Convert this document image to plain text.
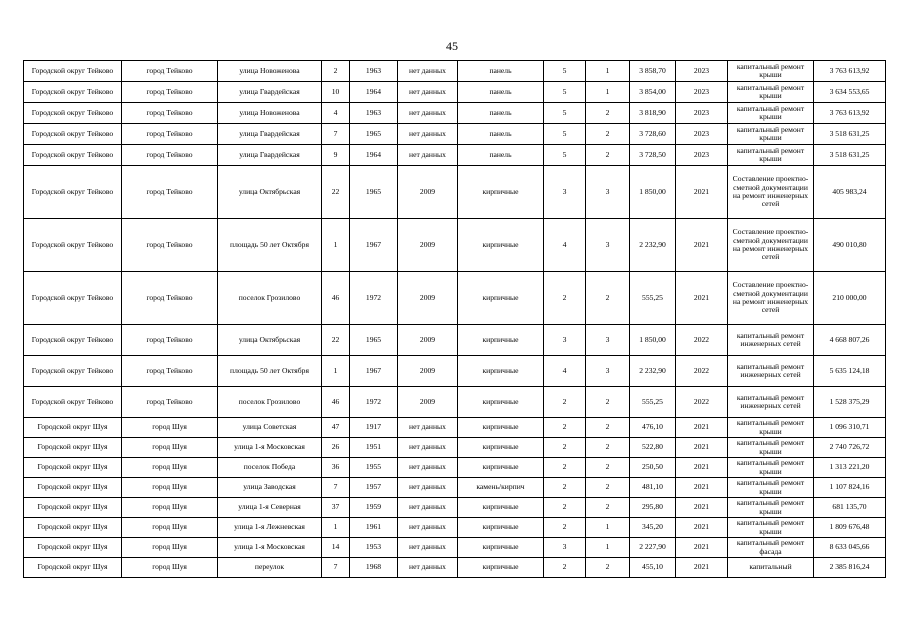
45
Городской округ Тейково	город Тейково	улица Новоженова	2	1963	нет данных	панель	5	1	3 858,70	2023	капитальный ремонт крыши	3 763 613,92
Городской округ Тейково	город Тейково	улица Гвардейская	10	1964	нет данных	панель	5	1	3 854,00	2023	капитальный ремонт крыши	3 634 553,65
Городской округ Тейково	город Тейково	улица Новоженова	4	1963	нет данных	панель	5	2	3 818,90	2023	капитальный ремонт крыши	3 763 613,92
Городской округ Тейково	город Тейково	улица Гвардейская	7	1965	нет данных	панель	5	2	3 728,60	2023	капитальный ремонт крыши	3 518 631,25
Городской округ Тейково	город Тейково	улица Гвардейская	9	1964	нет данных	панель	5	2	3 728,50	2023	капитальный ремонт крыши	3 518 631,25
Городской округ Тейково	город Тейково	улица Октябрьская	22	1965	2009	кирпичные	3	3	1 850,00	2021	Составление проектно-сметной документации на ремонт инженерных сетей	405 983,24
Городской округ Тейково	город Тейково	площадь 50 лет Октября	1	1967	2009	кирпичные	4	3	2 232,90	2021	Составление проектно-сметной документации на ремонт инженерных сетей	490 010,80
Городской округ Тейково	город Тейково	поселок Грозилово	46	1972	2009	кирпичные	2	2	555,25	2021	Составление проектно-сметной документации на ремонт инженерных сетей	210 000,00
Городской округ Тейково	город Тейково	улица Октябрьская	22	1965	2009	кирпичные	3	3	1 850,00	2022	капитальный ремонт инженерных сетей	4 668 807,26
Городской округ Тейково	город Тейково	площадь 50 лет Октября	1	1967	2009	кирпичные	4	3	2 232,90	2022	капитальный ремонт инженерных сетей	5 635 124,18
Городской округ Тейково	город Тейково	поселок Грозилово	46	1972	2009	кирпичные	2	2	555,25	2022	капитальный ремонт инженерных сетей	1 528 375,29
Городской округ Шуя	город Шуя	улица Советская	47	1917	нет данных	кирпичные	2	2	476,10	2021	капитальный ремонт крыши	1 096 310,71
Городской округ Шуя	город Шуя	улица 1-я Московская	26	1951	нет данных	кирпичные	2	2	522,80	2021	капитальный ремонт крыши	2 740 726,72
Городской округ Шуя	город Шуя	поселок Победа	36	1955	нет данных	кирпичные	2	2	250,50	2021	капитальный ремонт крыши	1 313 221,20
Городской округ Шуя	город Шуя	улица Заводская	7	1957	нет данных	камень/кирпич	2	2	481,10	2021	капитальный ремонт крыши	1 107 824,16
Городской округ Шуя	город Шуя	улица 1-я Северная	37	1959	нет данных	кирпичные	2	2	295,80	2021	капитальный ремонт крыши	681 135,70
Городской округ Шуя	город Шуя	улица 1-я Лежневская	1	1961	нет данных	кирпичные	2	1	345,20	2021	капитальный ремонт крыши	1 809 676,48
Городской округ Шуя	город Шуя	улица 1-я Московская	14	1953	нет данных	кирпичные	3	1	2 227,90	2021	капитальный ремонт фасада	8 633 045,66
Городской округ Шуя	город Шуя	переулок	7	1968	нет данных	кирпичные	2	2	455,10	2021	капитальный	2 385 816,24
